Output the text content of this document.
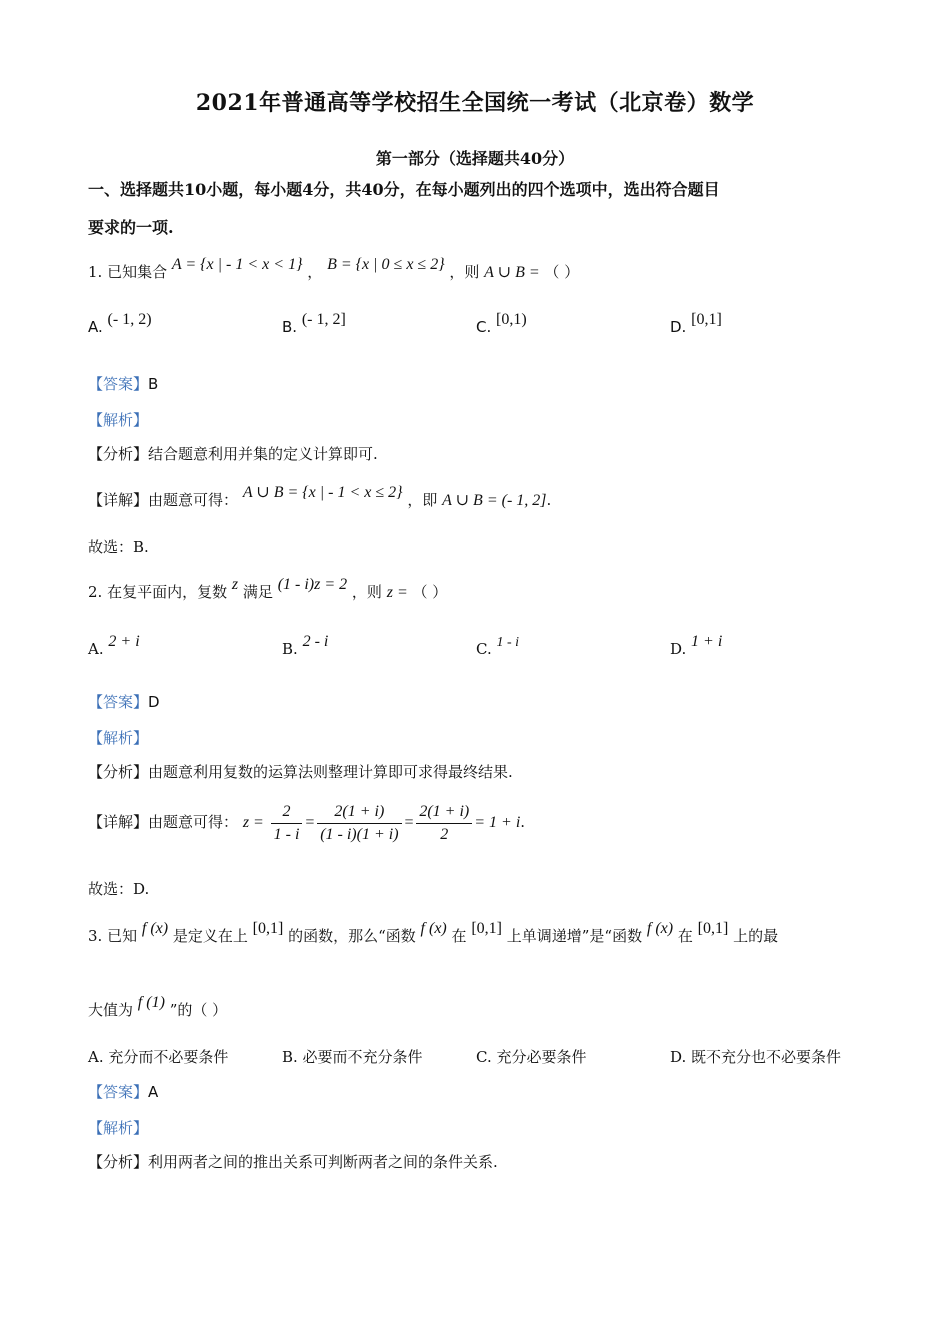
2021年普通高等学校招生全国统一考试（北京卷）数学
第一部分（选择题共40分）
一、选择题共10小题，每小题4分，共40分，在每小题列出的四个选项中，选出符合题目
要求的一项.
1. 已知集合 A = {x | - 1 < x < 1} ， B = {x | 0 ≤ x ≤ 2} ，则 A ∪ B = （ ）
A. (- 1, 2)	B. (- 1, 2]	C. [0,1)	D. [0,1]
【答案】B
【解析】
【分析】结合题意利用并集的定义计算即可.
【详解】由题意可得： A ∪ B = {x | - 1 < x ≤ 2} ，即 A ∪ B = (- 1, 2].
故选：B.
2. 在复平面内，复数 z 满足 (1 - i)z = 2 ，则 z = （ ）
A. 2 + i	B. 2 - i	C. 1 - i	D. 1 + i
【答案】D
【解析】
【分析】由题意利用复数的运算法则整理计算即可求得最终结果.
【详解】由题意可得： $z = \frac{2}{1 - i} = \frac{2(1 + i)}{(1 - i)(1 + i)} = \frac{2(1 + i)}{2} = 1 + i$.
故选：D.
3. 已知 f (x) 是定义在上 [0,1] 的函数，那么“函数 f (x) 在 [0,1] 上单调递增”是“函数 f (x) 在 [0,1] 上的最
大值为 f (1) ”的（ ）
A. 充分而不必要条件	B. 必要而不充分条件	C. 充分必要条件	D. 既不充分也不必要条件
【答案】A
【解析】
【分析】利用两者之间的推出关系可判断两者之间的条件关系.
